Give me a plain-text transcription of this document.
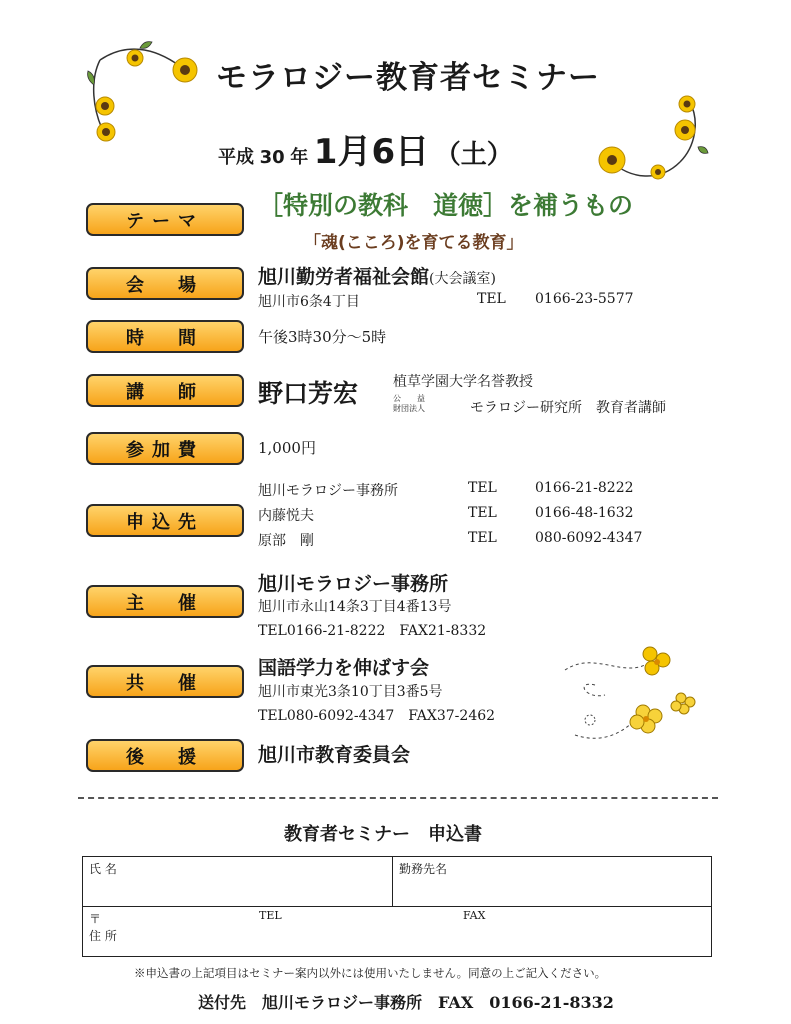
モラロジー教育者セミナー
平成 30 年 1月6日 （土）
テーマ
［特別の教科　道徳］を補うもの
「魂(こころ)を育てる教育」
会　場	旭川勤労者福祉会館(大会議室)
旭川市6条4丁目	TEL 0166-23-5577
時　間	午後3時30分～5時
講　師	野口芳宏 植草学園大学名誉教授
公　　益
財団法人	モラロジー研究所　教育者講師
参加費	1,000円
申込先
旭川モラロジー事務所	TEL	0166-21-8222
内藤悦夫	TEL	0166-48-1632
原部　剛	TEL	080-6092-4347
主　催
旭川モラロジー事務所
旭川市永山14条3丁目4番13号
TEL0166-21-8222　FAX21-8332
共　催
国語学力を伸ばす会
旭川市東光3条10丁目3番5号
TEL080-6092-4347　FAX37-2462
後　援	旭川市教育委員会
教育者セミナー　申込書
氏 名	勤務先名

〒
住 所
TEL	FAX
※申込書の上記項目はセミナー案内以外には使用いたしません。同意の上ご記入ください。
送付先　旭川モラロジー事務所　FAX　0166-21-8332
